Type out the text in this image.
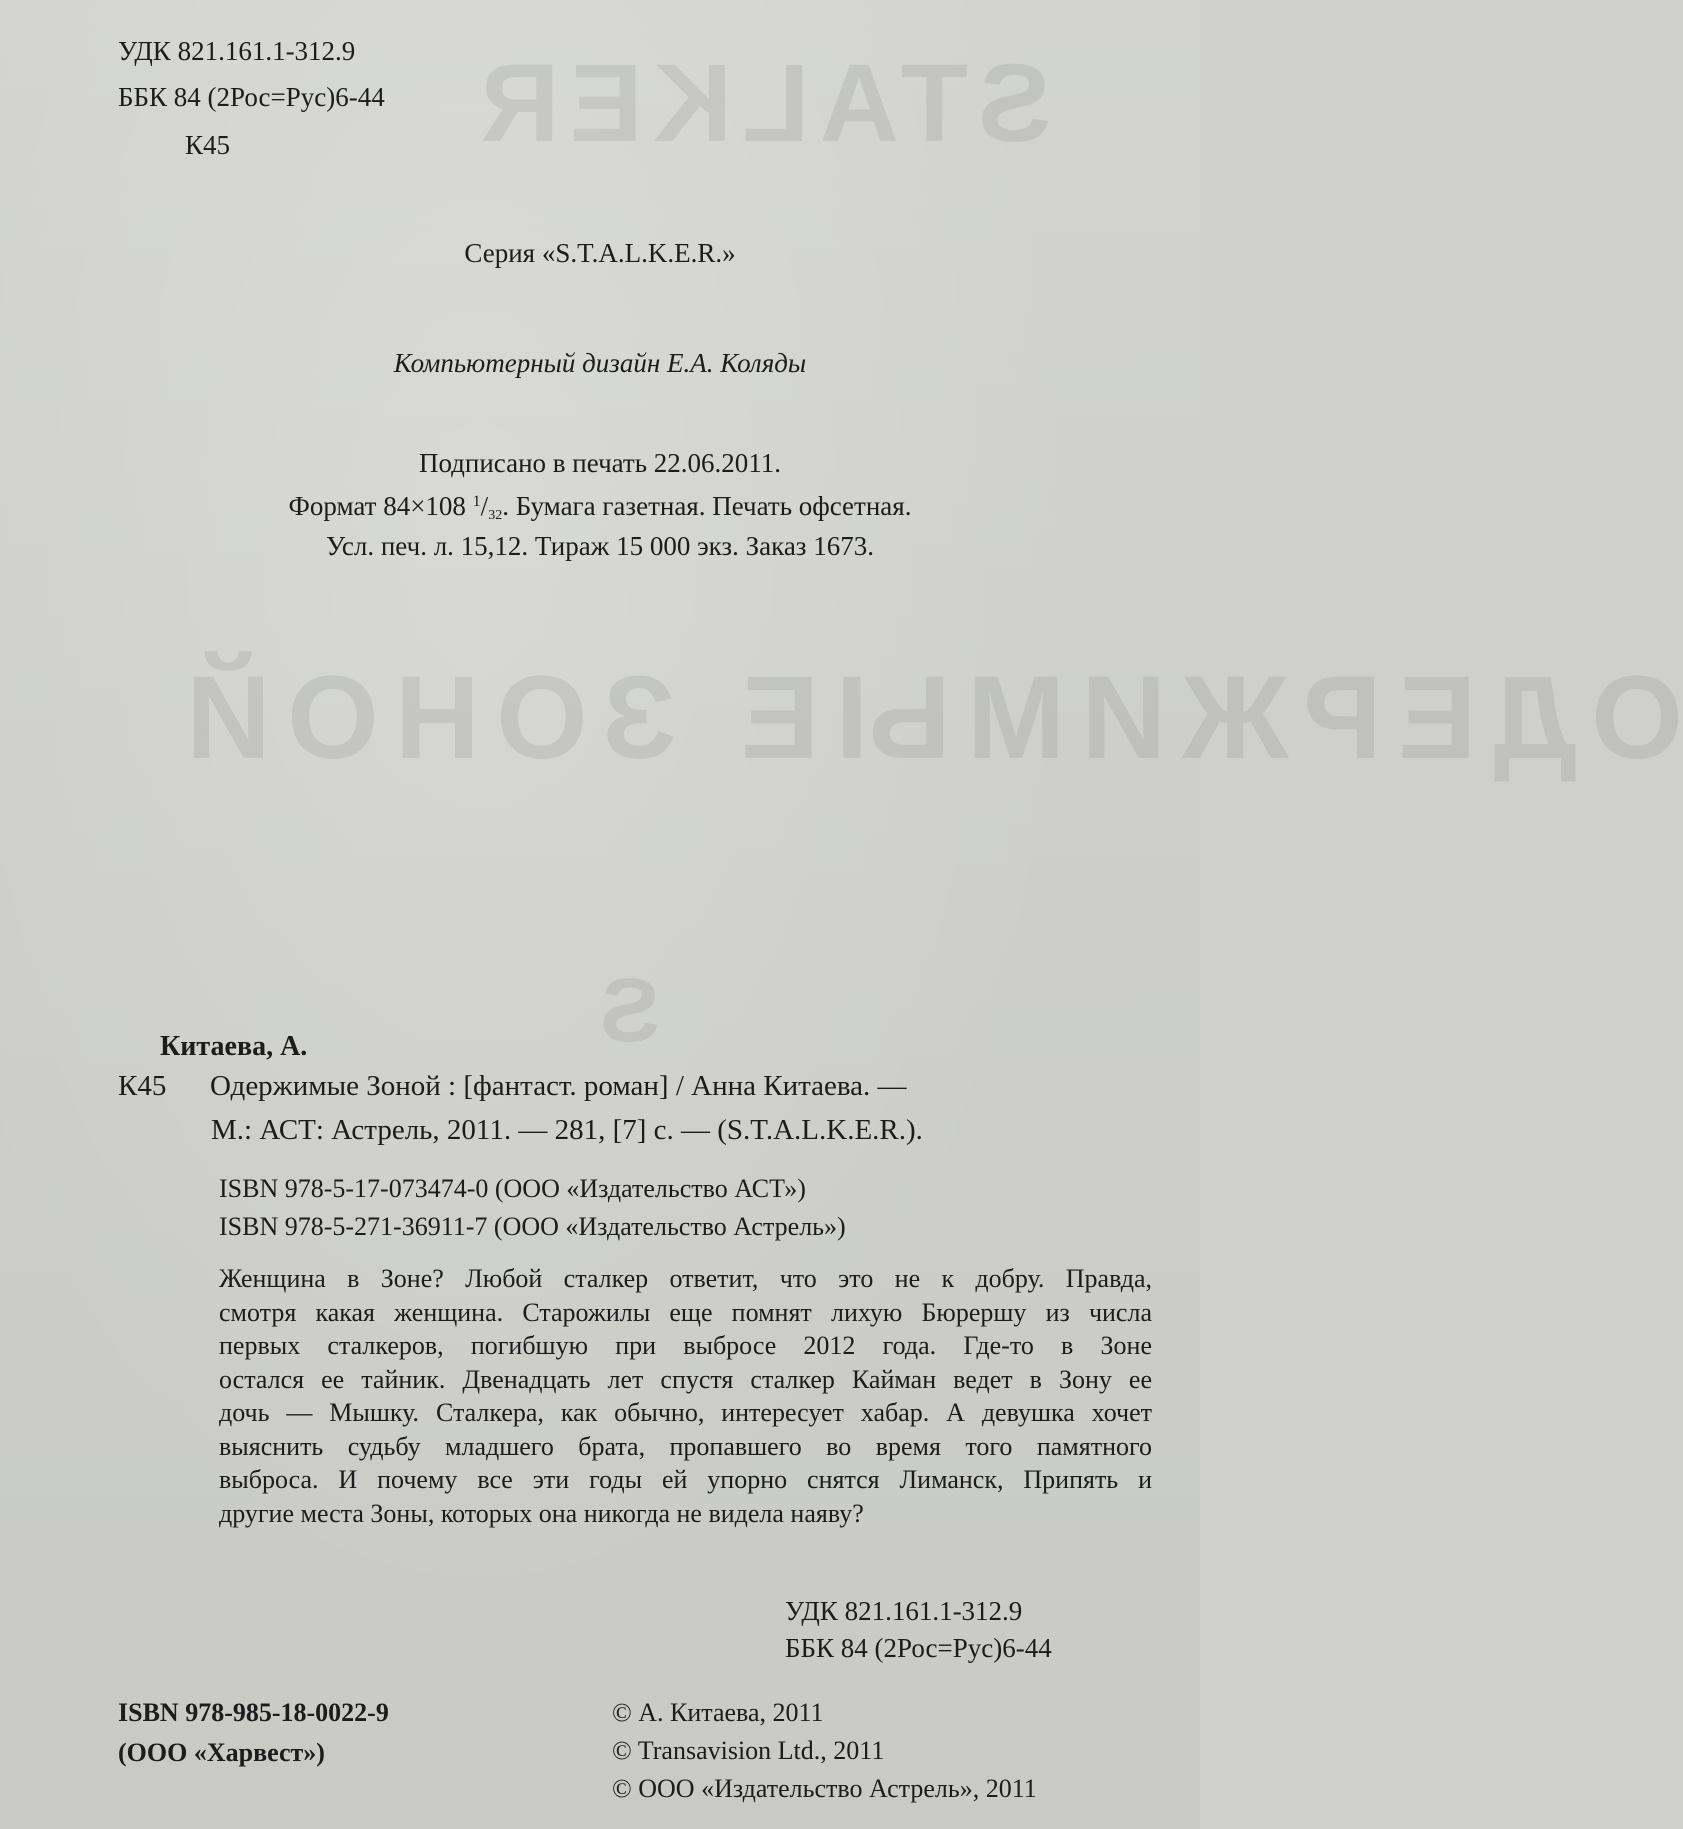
STALKER
ОДЕРЖИМЫЕ ЗОНОЙ
S
УДК 821.161.1-312.9
ББК 84 (2Рос=Рус)6-44
К45
Серия «S.T.A.L.K.E.R.»
Компьютерный дизайн Е.А. Коляды
Подписано в печать 22.06.2011.
Формат 84×108 $^1$/32. Бумага газетная. Печать офсетная.
Усл. печ. л. 15,12. Тираж 15 000 экз. Заказ 1673.
Китаева, А.
К45 Одержимые Зоной : [фантаст. роман] / Анна Китаева. —
М.: АСТ: Астрель, 2011. — 281, [7] с. — (S.T.A.L.K.E.R.).
ISBN 978-5-17-073474-0 (ООО «Издательство АСТ»)
ISBN 978-5-271-36911-7 (ООО «Издательство Астрель»)
Женщина в Зоне? Любой сталкер ответит, что это не к добру. Правда,
смотря какая женщина. Старожилы еще помнят лихую Бюрершу из числа
первых сталкеров, погибшую при выбросе 2012 года. Где-то в Зоне
остался ее тайник. Двенадцать лет спустя сталкер Кайман ведет в Зону ее
дочь — Мышку. Сталкера, как обычно, интересует хабар. А девушка хочет
выяснить судьбу младшего брата, пропавшего во время того памятного
выброса. И почему все эти годы ей упорно снятся Лиманск, Припять и
другие места Зоны, которых она никогда не видела наяву?
УДК 821.161.1-312.9
ББК 84 (2Рос=Рус)6-44
ISBN 978-985-18-0022-9
(ООО «Харвест»)
© А. Китаева, 2011
© Transavision Ltd., 2011
© ООО «Издательство Астрель», 2011
